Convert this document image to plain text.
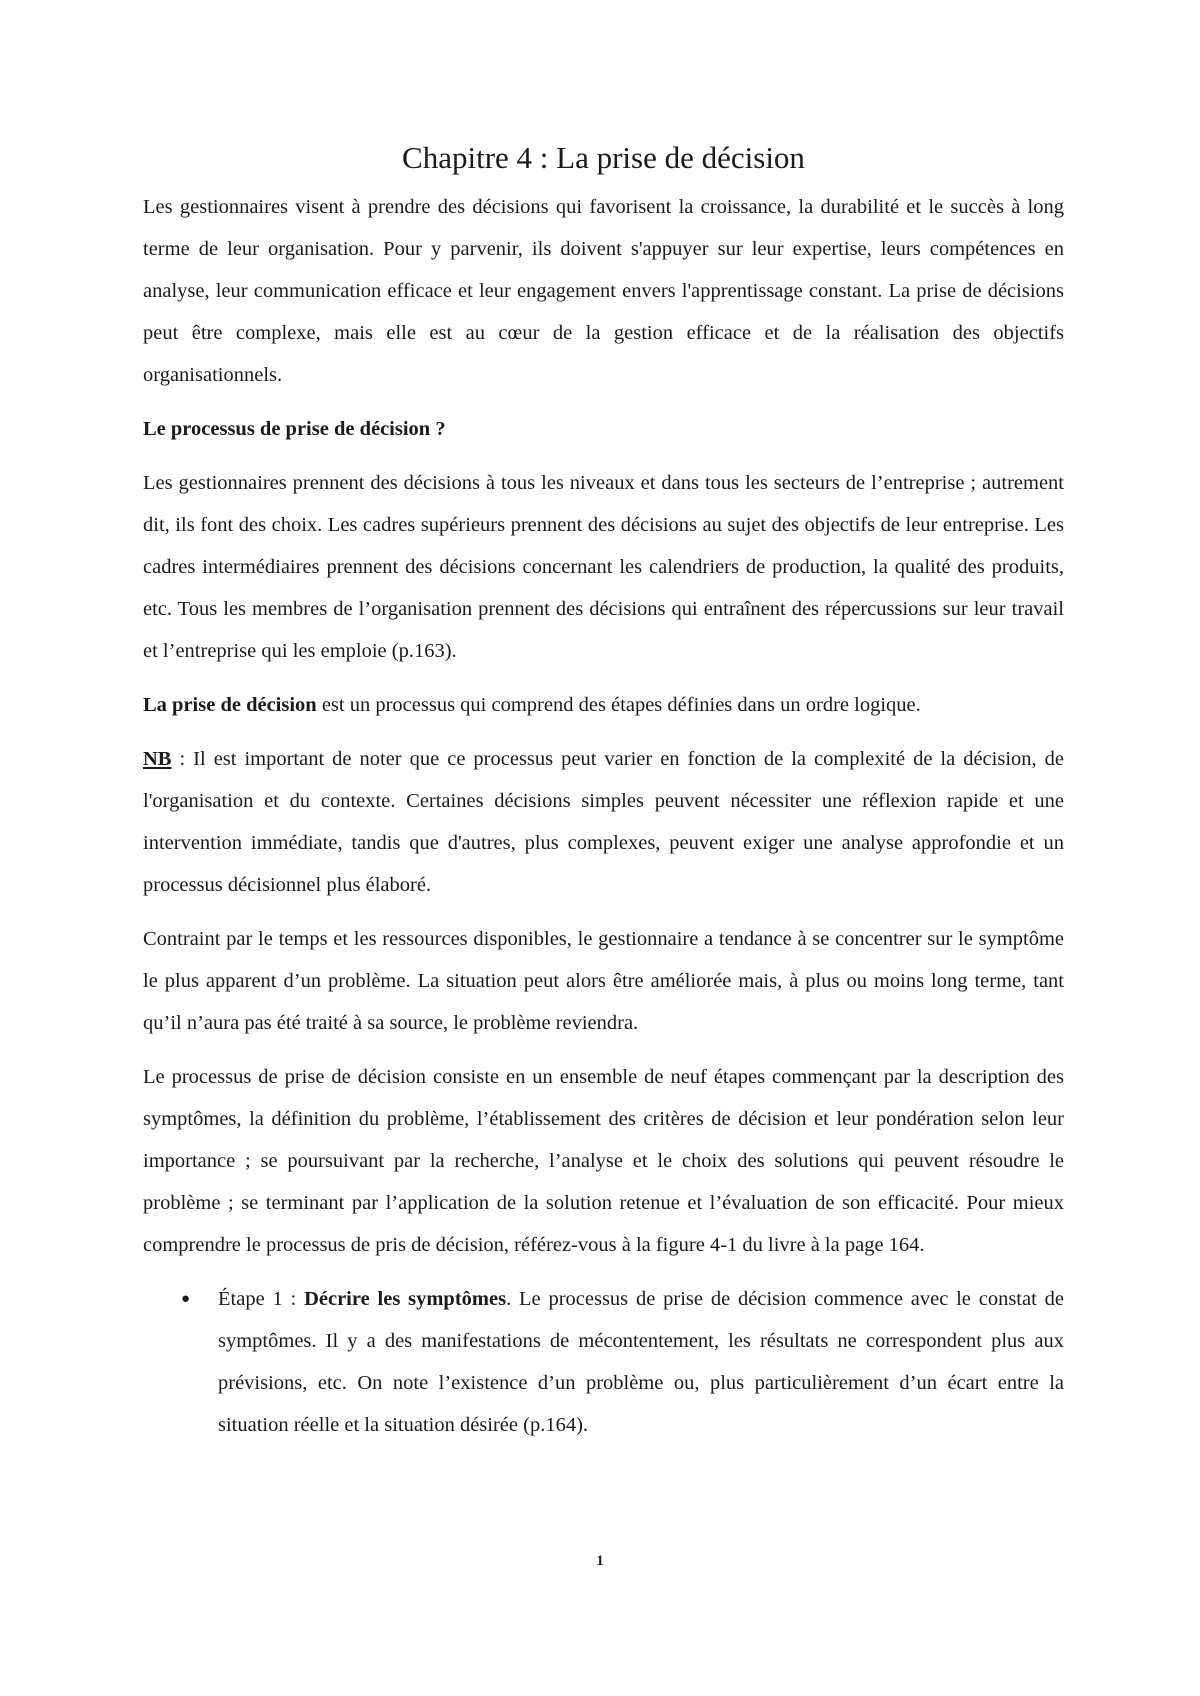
Chapitre 4 : La prise de décision

Les gestionnaires visent à prendre des décisions qui favorisent la croissance, la durabilité et le succès à long terme de leur organisation. Pour y parvenir, ils doivent s'appuyer sur leur expertise, leurs compétences en analyse, leur communication efficace et leur engagement envers l'apprentissage constant. La prise de décisions peut être complexe, mais elle est au cœur de la gestion efficace et de la réalisation des objectifs organisationnels.

Le processus de prise de décision ?

Les gestionnaires prennent des décisions à tous les niveaux et dans tous les secteurs de l’entreprise ; autrement dit, ils font des choix. Les cadres supérieurs prennent des décisions au sujet des objectifs de leur entreprise. Les cadres intermédiaires prennent des décisions concernant les calendriers de production, la qualité des produits, etc. Tous les membres de l’organisation prennent des décisions qui entraînent des répercussions sur leur travail et l’entreprise qui les emploie (p.163).

La prise de décision est un processus qui comprend des étapes définies dans un ordre logique.

NB : Il est important de noter que ce processus peut varier en fonction de la complexité de la décision, de l'organisation et du contexte. Certaines décisions simples peuvent nécessiter une réflexion rapide et une intervention immédiate, tandis que d'autres, plus complexes, peuvent exiger une analyse approfondie et un processus décisionnel plus élaboré.

Contraint par le temps et les ressources disponibles, le gestionnaire a tendance à se concentrer sur le symptôme le plus apparent d’un problème. La situation peut alors être améliorée mais, à plus ou moins long terme, tant qu’il n’aura pas été traité à sa source, le problème reviendra.

Le processus de prise de décision consiste en un ensemble de neuf étapes commençant par la description des symptômes, la définition du problème, l’établissement des critères de décision et leur pondération selon leur importance ; se poursuivant par la recherche, l’analyse et le choix des solutions qui peuvent résoudre le problème ; se terminant par l’application de la solution retenue et l’évaluation de son efficacité. Pour mieux comprendre le processus de pris de décision, référez-vous à la figure 4-1 du livre à la page 164.

● Étape 1 : Décrire les symptômes. Le processus de prise de décision commence avec le constat de symptômes. Il y a des manifestations de mécontentement, les résultats ne correspondent plus aux prévisions, etc. On note l’existence d’un problème ou, plus particulièrement d’un écart entre la situation réelle et la situation désirée (p.164).
1
